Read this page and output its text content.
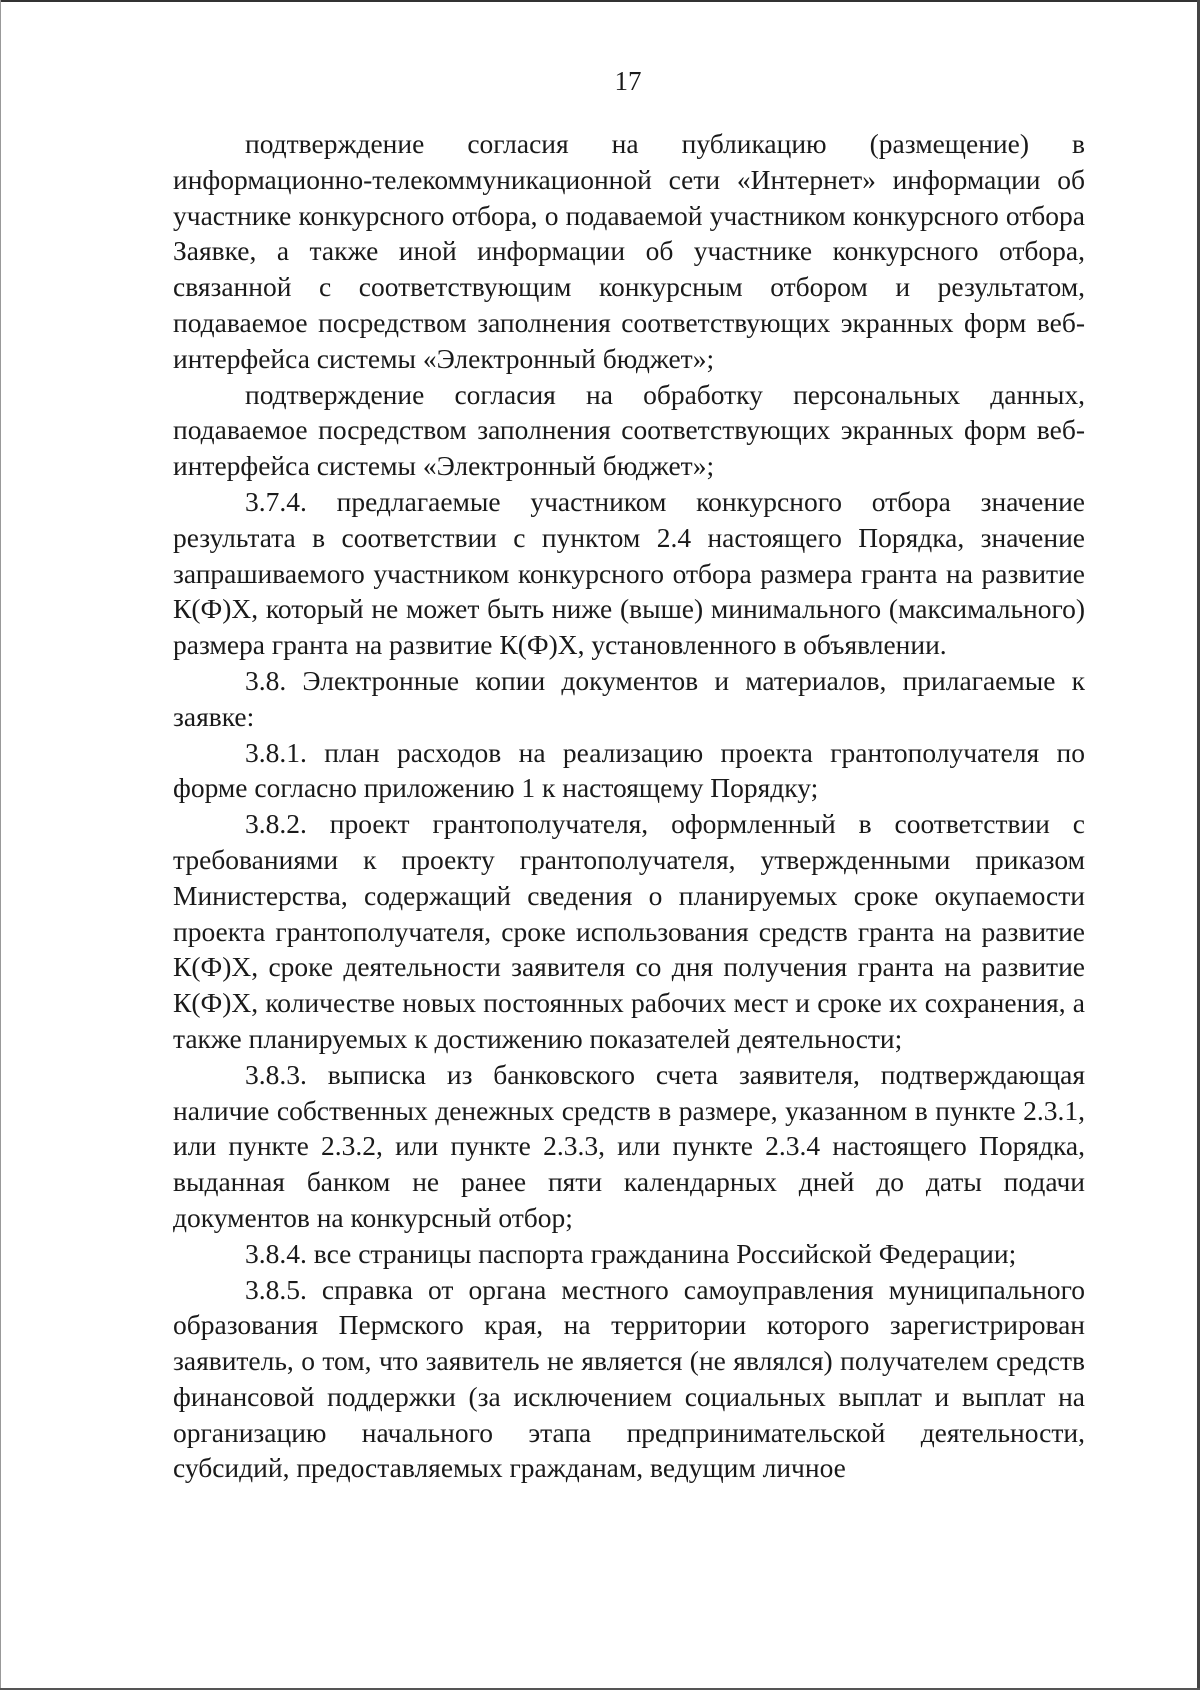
17

подтверждение согласия на публикацию (размещение) в информационно-телекоммуникационной сети «Интернет» информации об участнике конкурсного отбора, о подаваемой участником конкурсного отбора Заявке, а также иной информации об участнике конкурсного отбора, связанной с соответствующим конкурсным отбором и результатом, подаваемое посредством заполнения соответствующих экранных форм веб-интерфейса системы «Электронный бюджет»;

подтверждение согласия на обработку персональных данных, подаваемое посредством заполнения соответствующих экранных форм веб-интерфейса системы «Электронный бюджет»;

3.7.4. предлагаемые участником конкурсного отбора значение результата в соответствии с пунктом 2.4 настоящего Порядка, значение запрашиваемого участником конкурсного отбора размера гранта на развитие К(Ф)Х, который не может быть ниже (выше) минимального (максимального) размера гранта на развитие К(Ф)Х, установленного в объявлении.

3.8. Электронные копии документов и материалов, прилагаемые к заявке:

3.8.1. план расходов на реализацию проекта грантополучателя по форме согласно приложению 1 к настоящему Порядку;

3.8.2. проект грантополучателя, оформленный в соответствии с требованиями к проекту грантополучателя, утвержденными приказом Министерства, содержащий сведения о планируемых сроке окупаемости проекта грантополучателя, сроке использования средств гранта на развитие К(Ф)Х, сроке деятельности заявителя со дня получения гранта на развитие К(Ф)Х, количестве новых постоянных рабочих мест и сроке их сохранения, а также планируемых к достижению показателей деятельности;

3.8.3. выписка из банковского счета заявителя, подтверждающая наличие собственных денежных средств в размере, указанном в пункте 2.3.1, или пункте 2.3.2, или пункте 2.3.3, или пункте 2.3.4 настоящего Порядка, выданная банком не ранее пяти календарных дней до даты подачи документов на конкурсный отбор;

3.8.4. все страницы паспорта гражданина Российской Федерации;

3.8.5. справка от органа местного самоуправления муниципального образования Пермского края, на территории которого зарегистрирован заявитель, о том, что заявитель не является (не являлся) получателем средств финансовой поддержки (за исключением социальных выплат и выплат на организацию начального этапа предпринимательской деятельности, субсидий, предоставляемых гражданам, ведущим личное
